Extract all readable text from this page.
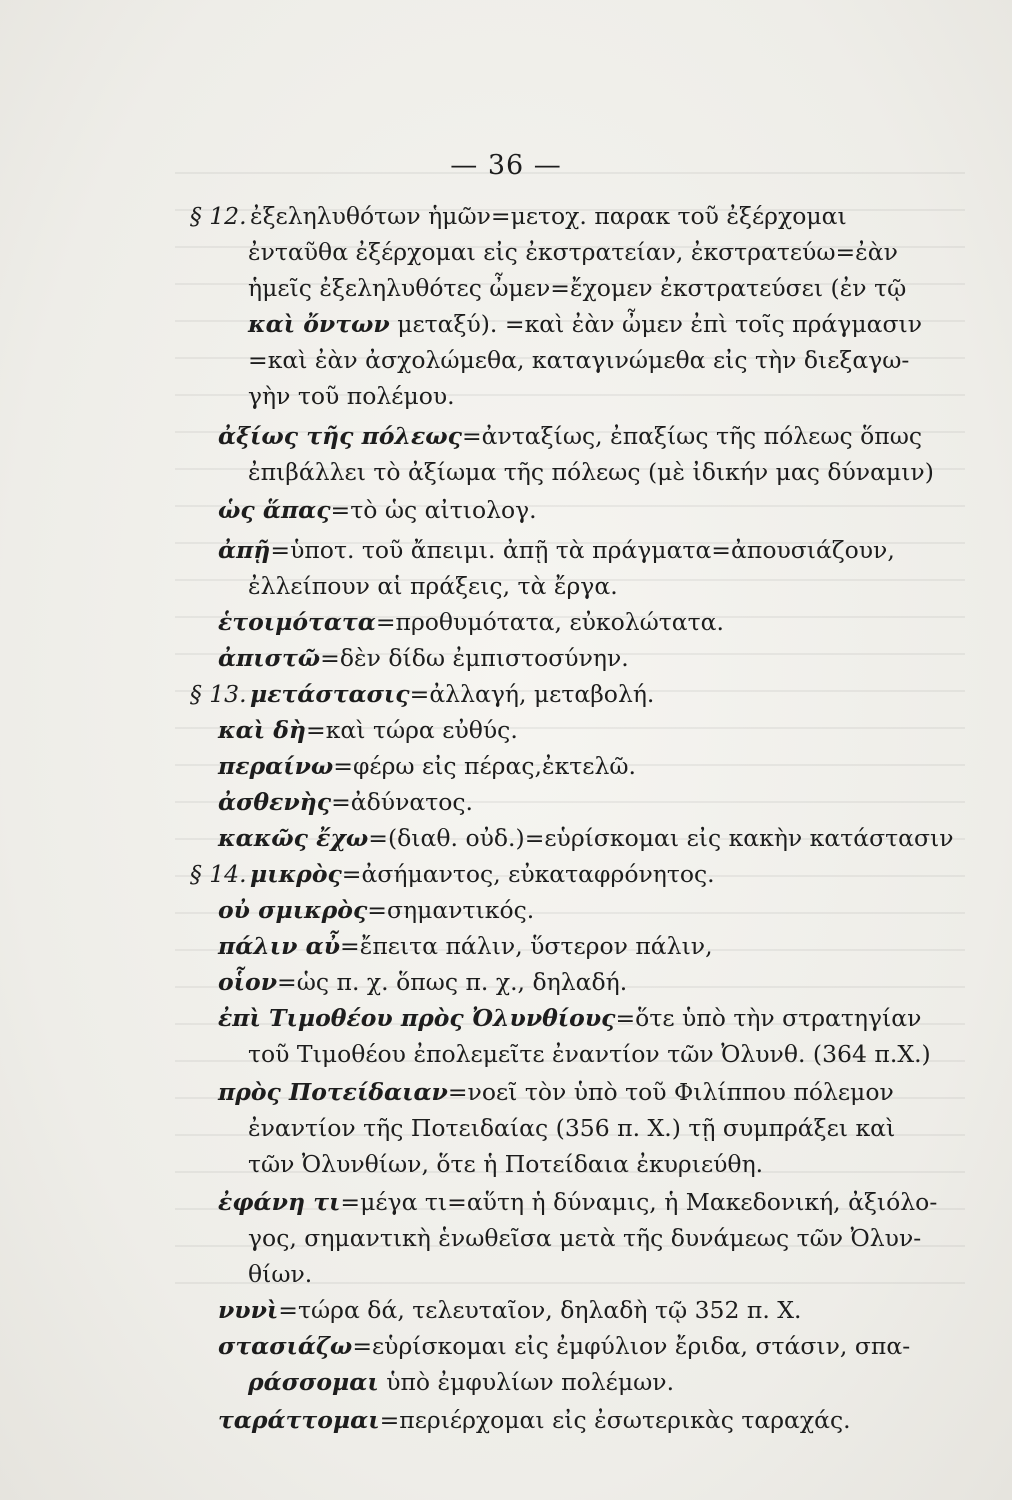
— 36 —
§ 12. ἐξεληλυθότων ἡμῶν=μετοχ. παρακ τοῦ ἐξέρχομαι
ἐνταῦθα ἐξέρχομαι εἰς ἐκστρατείαν, ἐκστρατεύω=ἐὰν
ἡμεῖς ἐξεληλυθότες ὦμεν=ἔχομεν ἐκστρατεύσει (ἐν τῷ
καὶ ὄντων μεταξύ). =καὶ ἐὰν ὦμεν ἐπὶ τοῖς πράγμασιν
=καὶ ἐὰν ἀσχολώμεθα, καταγινώμεθα εἰς τὴν διεξαγω-
γὴν τοῦ πολέμου.
ἀξίως τῆς πόλεως=ἀνταξίως, ἐπαξίως τῆς πόλεως ὅπως
ἐπιβάλλει τὸ ἀξίωμα τῆς πόλεως (μὲ ἰδικήν μας δύναμιν)
ὡς ἅπας=τὸ ὡς αἰτιολογ.
ἀπῇ=ὑποτ. τοῦ ἄπειμι. ἀπῇ τὰ πράγματα=ἀπουσιάζουν,
ἐλλείπουν αἱ πράξεις, τὰ ἔργα.
ἑτοιμότατα=προθυμότατα, εὐκολώτατα.
ἀπιστῶ=δὲν δίδω ἐμπιστοσύνην.
§ 13. μετάστασις=ἀλλαγή, μεταβολή.
καὶ δὴ=καὶ τώρα εὐθύς.
περαίνω=φέρω εἰς πέρας,ἐκτελῶ.
ἀσθενὴς=ἀδύνατος.
κακῶς ἔχω=(διαθ. οὐδ.)=εὑρίσκομαι εἰς κακὴν κατάστασιν
§ 14. μικρὸς=ἀσήμαντος, εὐκαταφρόνητος.
οὐ σμικρὸς=σημαντικός.
πάλιν αὖ=ἔπειτα πάλιν, ὕστερον πάλιν,
οἷον=ὡς π. χ. ὅπως π. χ., δηλαδή.
ἐπὶ Τιμοθέου πρὸς Ὀλυνθίους=ὅτε ὑπὸ τὴν στρατηγίαν
τοῦ Τιμοθέου ἐπολεμεῖτε ἐναντίον τῶν Ὀλυνθ. (364 π.Χ.)
πρὸς Ποτείδαιαν=νοεῖ τὸν ὑπὸ τοῦ Φιλίππου πόλεμον
ἐναντίον τῆς Ποτειδαίας (356 π. Χ.) τῇ συμπράξει καὶ
τῶν Ὀλυνθίων, ὅτε ἡ Ποτείδαια ἐκυριεύθη.
ἐφάνη τι=μέγα τι=αὕτη ἡ δύναμις, ἡ Μακεδονική, ἀξιόλο-
γος, σημαντικὴ ἑνωθεῖσα μετὰ τῆς δυνάμεως τῶν Ὀλυν-
θίων.
νυνὶ=τώρα δά, τελευταῖον, δηλαδὴ τῷ 352 π. Χ.
στασιάζω=εὑρίσκομαι εἰς ἐμφύλιον ἔριδα, στάσιν, σπα-
ράσσομαι ὑπὸ ἐμφυλίων πολέμων.
ταράττομαι=περιέρχομαι εἰς ἐσωτερικὰς ταραχάς.
